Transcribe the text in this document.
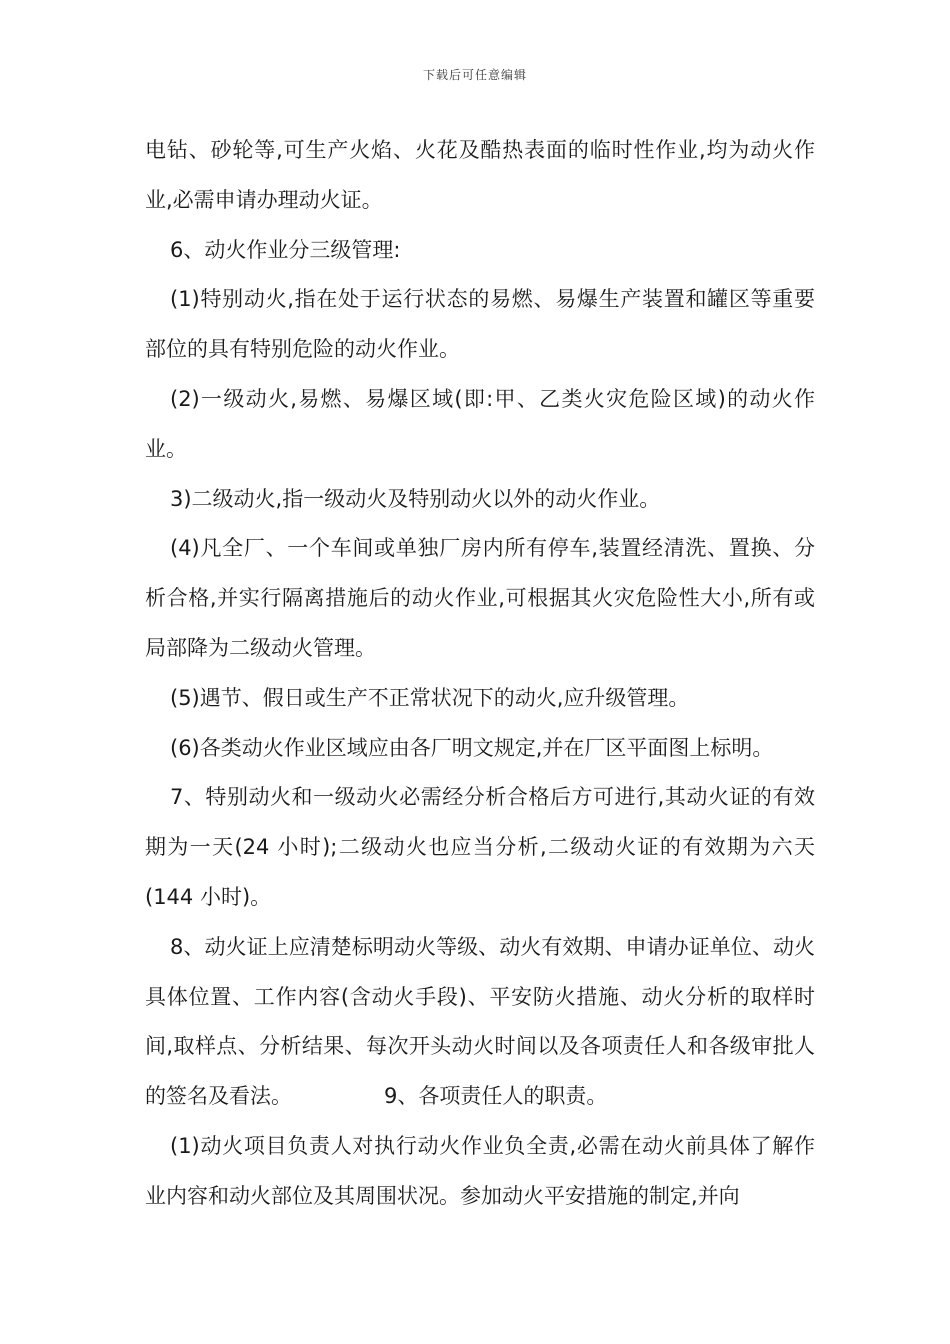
下载后可任意编辑

电钻、砂轮等,可生产火焰、火花及酷热表面的临时性作业,均为动火作业,必需申请办理动火证。

6、动火作业分三级管理:

(1)特别动火,指在处于运行状态的易燃、易爆生产装置和罐区等重要部位的具有特别危险的动火作业。

(2)一级动火,易燃、易爆区域(即:甲、乙类火灾危险区域)的动火作业。

3)二级动火,指一级动火及特别动火以外的动火作业。

(4)凡全厂、一个车间或单独厂房内所有停车,装置经清洗、置换、分析合格,并实行隔离措施后的动火作业,可根据其火灾危险性大小,所有或局部降为二级动火管理。

(5)遇节、假日或生产不正常状况下的动火,应升级管理。

(6)各类动火作业区域应由各厂明文规定,并在厂区平面图上标明。

7、特别动火和一级动火必需经分析合格后方可进行,其动火证的有效期为一天(24 小时);二级动火也应当分析,二级动火证的有效期为六天(144 小时)。

8、动火证上应清楚标明动火等级、动火有效期、申请办证单位、动火具体位置、工作内容(含动火手段)、平安防火措施、动火分析的取样时间,取样点、分析结果、每次开头动火时间以及各项责任人和各级审批人的签名及看法。	9、各项责任人的职责。

(1)动火项目负责人对执行动火作业负全责,必需在动火前具体了解作业内容和动火部位及其周围状况。参加动火平安措施的制定,并向
